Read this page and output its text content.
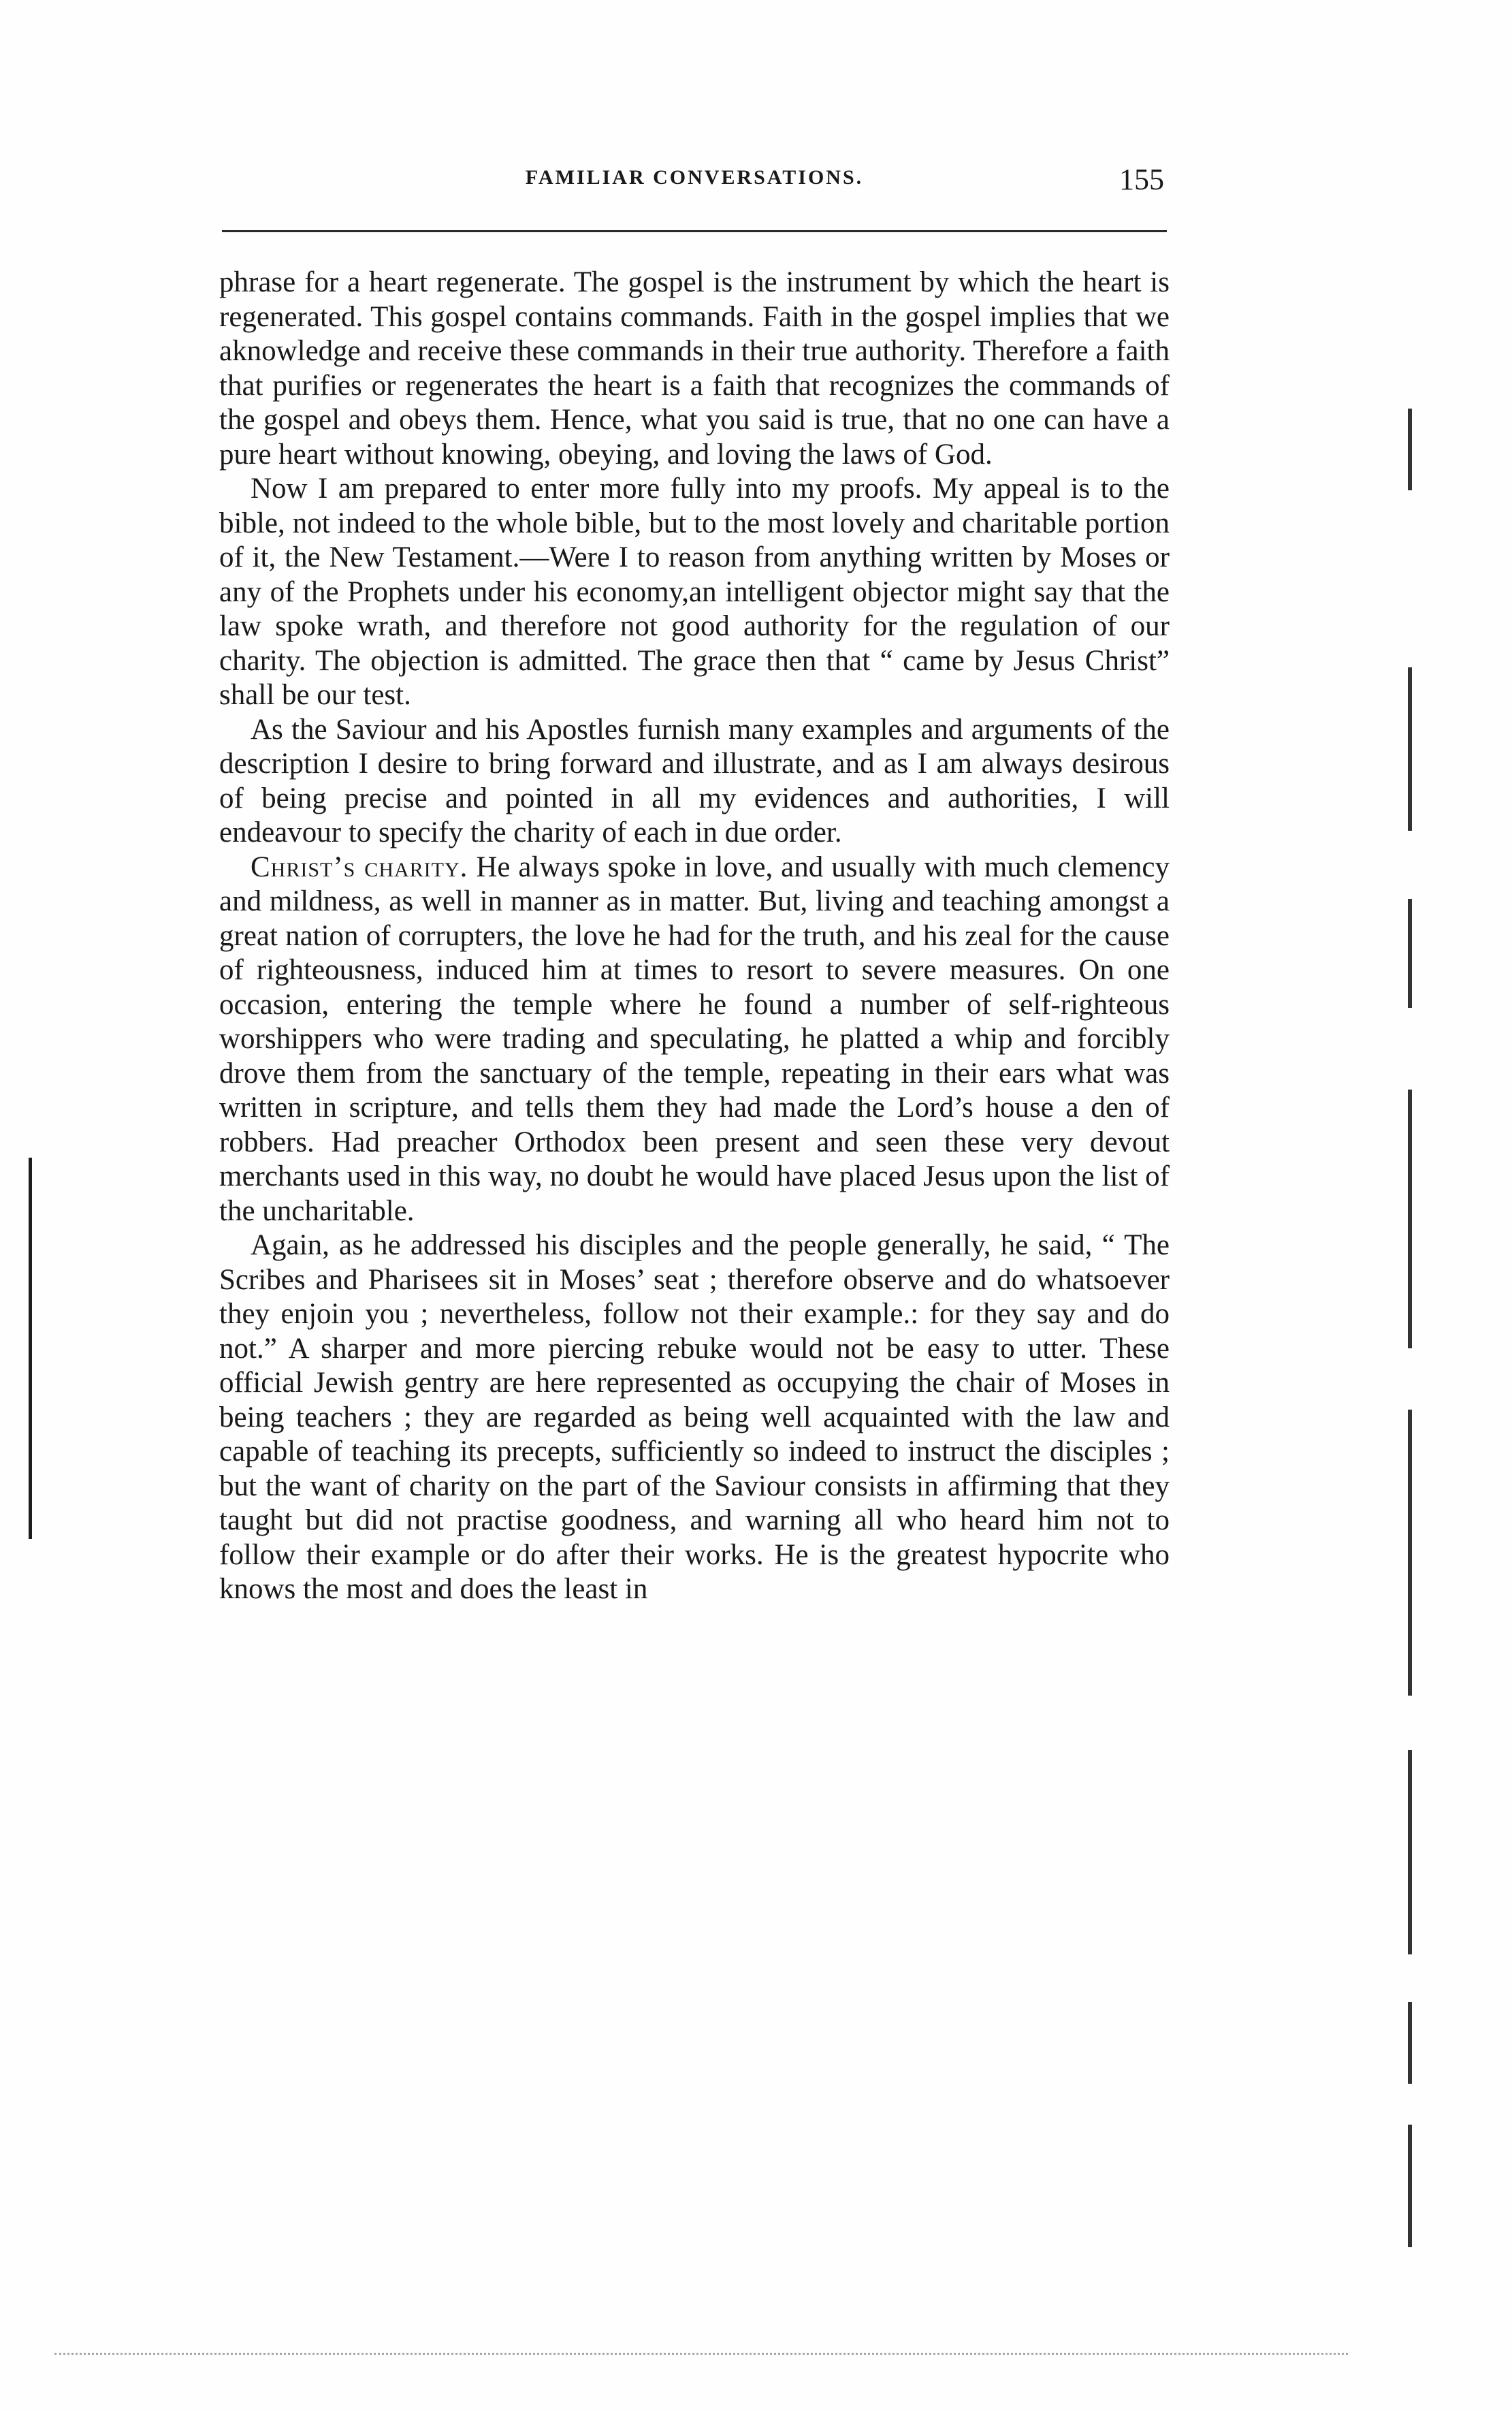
FAMILIAR CONVERSATIONS.	155

phrase for a heart regenerate. The gospel is the instrument by which the heart is regenerated. This gospel contains commands. Faith in the gospel implies that we aknowledge and receive these commands in their true authority. Therefore a faith that purifies or regenerates the heart is a faith that recognizes the commands of the gospel and obeys them. Hence, what you said is true, that no one can have a pure heart without knowing, obeying, and loving the laws of God.

Now I am prepared to enter more fully into my proofs. My appeal is to the bible, not indeed to the whole bible, but to the most lovely and charitable portion of it, the New Testament.—Were I to reason from anything written by Moses or any of the Prophets under his economy,an intelligent objector might say that the law spoke wrath, and therefore not good authority for the regulation of our charity. The objection is admitted. The grace then that “ came by Jesus Christ” shall be our test.

As the Saviour and his Apostles furnish many examples and arguments of the description I desire to bring forward and illustrate, and as I am always desirous of being precise and pointed in all my evidences and authorities, I will endeavour to specify the charity of each in due order.

Christ’s charity. He always spoke in love, and usually with much clemency and mildness, as well in manner as in matter. But, living and teaching amongst a great nation of corrupters, the love he had for the truth, and his zeal for the cause of righteousness, induced him at times to resort to severe measures. On one occasion, entering the temple where he found a number of self-righteous worshippers who were trading and speculating, he platted a whip and forcibly drove them from the sanctuary of the temple, repeating in their ears what was written in scripture, and tells them they had made the Lord’s house a den of robbers. Had preacher Orthodox been present and seen these very devout merchants used in this way, no doubt he would have placed Jesus upon the list of the uncharitable.

Again, as he addressed his disciples and the people generally, he said, “ The Scribes and Pharisees sit in Moses’ seat ; therefore observe and do whatsoever they enjoin you ; nevertheless, follow not their example.: for they say and do not.” A sharper and more piercing rebuke would not be easy to utter. These official Jewish gentry are here represented as occupying the chair of Moses in being teachers ; they are regarded as being well acquainted with the law and capable of teaching its precepts, sufficiently so indeed to instruct the disciples ; but the want of charity on the part of the Saviour consists in affirming that they taught but did not practise goodness, and warning all who heard him not to follow their example or do after their works. He is the greatest hypocrite who knows the most and does the least in
